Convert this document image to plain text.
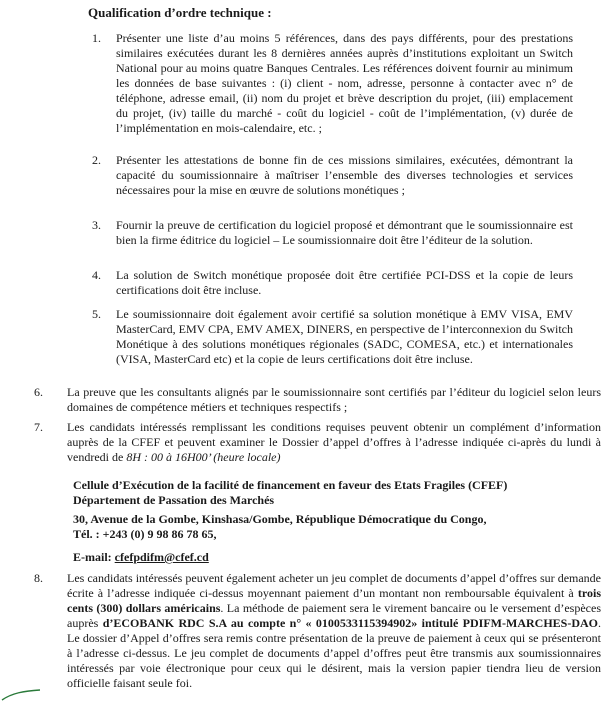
Qualification d’ordre technique :
1. Présenter une liste d’au moins 5 références, dans des pays différents, pour des prestations similaires exécutées durant les 8 dernières années auprès d’institutions exploitant un Switch National pour au moins quatre Banques Centrales. Les références doivent fournir au minimum les données de base suivantes : (i) client - nom, adresse, personne à contacter avec n° de téléphone, adresse email, (ii) nom du projet et brève description du projet, (iii) emplacement du projet, (iv) taille du marché - coût du logiciel - coût de l’implémentation, (v) durée de l’implémentation en mois-calendaire, etc. ;
2. Présenter les attestations de bonne fin de ces missions similaires, exécutées, démontrant la capacité du soumissionnaire à maîtriser l’ensemble des diverses technologies et services nécessaires pour la mise en œuvre de solutions monétiques ;
3. Fournir la preuve de certification du logiciel proposé et démontrant que le soumissionnaire est bien la firme éditrice du logiciel – Le soumissionnaire doit être l’éditeur de la solution.
4. La solution de Switch monétique proposée doit être certifiée PCI-DSS et la copie de leurs certifications doit être incluse.
5. Le soumissionnaire doit également avoir certifié sa solution monétique à EMV VISA, EMV MasterCard, EMV CPA, EMV AMEX, DINERS, en perspective de l’interconnexion du Switch Monétique à des solutions monétiques régionales (SADC, COMESA, etc.) et internationales (VISA, MasterCard etc) et la copie de leurs certifications doit être incluse.
6. La preuve que les consultants alignés par le soumissionnaire sont certifiés par l’éditeur du logiciel selon leurs domaines de compétence métiers et techniques respectifs ;
7. Les candidats intéressés remplissant les conditions requises peuvent obtenir un complément d’information auprès de la CFEF et peuvent examiner le Dossier d’appel d’offres à l’adresse indiquée ci-après du lundi à vendredi de 8H : 00 à 16H00’ (heure locale)
Cellule d’Exécution de la facilité de financement en faveur des Etats Fragiles (CFEF)
Département de Passation des Marchés
30, Avenue de la Gombe, Kinshasa/Gombe, République Démocratique du Congo,
Tél. : +243 (0) 9 98 86 78 65,
E-mail: cfefpdifm@cfef.cd
8. Les candidats intéressés peuvent également acheter un jeu complet de documents d’appel d’offres sur demande écrite à l’adresse indiquée ci-dessus moyennant paiement d’un montant non remboursable équivalent à trois cents (300) dollars américains. La méthode de paiement sera le virement bancaire ou le versement d’espèces auprès d’ECOBANK RDC S.A au compte n° « 0100533115394902» intitulé PDIFM-MARCHES-DAO. Le dossier d’Appel d’offres sera remis contre présentation de la preuve de paiement à ceux qui se présenteront à l’adresse ci-dessus. Le jeu complet de documents d’appel d’offres peut être transmis aux soumissionnaires intéressés par voie électronique pour ceux qui le désirent, mais la version papier tiendra lieu de version officielle faisant seule foi.
